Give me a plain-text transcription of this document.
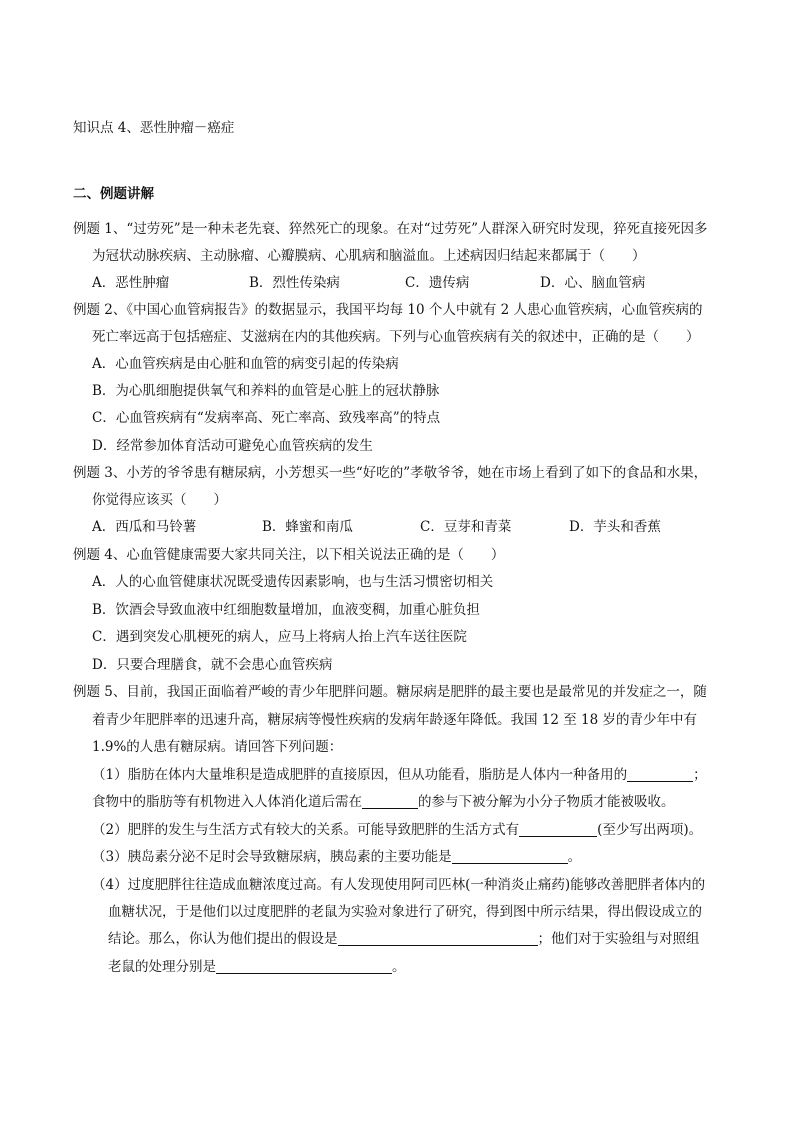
知识点 4、恶性肿瘤－癌症
二、例题讲解
例题 1、“过劳死”是一种未老先衰、猝然死亡的现象。在对“过劳死”人群深入研究时发现，猝死直接死因多
为冠状动脉疾病、主动脉瘤、心瓣膜病、心肌病和脑溢血。上述病因归结起来都属于（　　）
A．恶性肿瘤	B．烈性传染病	C．遗传病	D．心、脑血管病
例题 2、《中国心血管病报告》的数据显示，我国平均每 10 个人中就有 2 人患心血管疾病，心血管疾病的
死亡率远高于包括癌症、艾滋病在内的其他疾病。下列与心血管疾病有关的叙述中，正确的是（　　）
A．心血管疾病是由心脏和血管的病变引起的传染病
B．为心肌细胞提供氧气和养料的血管是心脏上的冠状静脉
C．心血管疾病有“发病率高、死亡率高、致残率高”的特点
D．经常参加体育活动可避免心血管疾病的发生
例题 3、小芳的爷爷患有糖尿病，小芳想买一些“好吃的”孝敬爷爷，她在市场上看到了如下的食品和水果，
你觉得应该买（　　）
A．西瓜和马铃薯	B．蜂蜜和南瓜	C．豆芽和青菜	D．芋头和香蕉
例题 4、心血管健康需要大家共同关注，以下相关说法正确的是（　　）
A．人的心血管健康状况既受遗传因素影响，也与生活习惯密切相关
B．饮酒会导致血液中红细胞数量增加，血液变稠，加重心脏负担
C．遇到突发心肌梗死的病人，应马上将病人抬上汽车送往医院
D．只要合理膳食，就不会患心血管疾病
例题 5、目前，我国正面临着严峻的青少年肥胖问题。糖尿病是肥胖的最主要也是最常见的并发症之一，随
着青少年肥胖率的迅速升高，糖尿病等慢性疾病的发病年龄逐年降低。我国 12 至 18 岁的青少年中有
1.9%的人患有糖尿病。请回答下列问题：
（1）脂肪在体内大量堆积是造成肥胖的直接原因，但从功能看，脂肪是人体内一种备用的	；
食物中的脂肪等有机物进入人体消化道后需在	的参与下被分解为小分子物质才能被吸收。
（2）肥胖的发生与生活方式有较大的关系。可能导致肥胖的生活方式有	(至少写出两项)。
（3）胰岛素分泌不足时会导致糖尿病，胰岛素的主要功能是	。
（4）过度肥胖往往造成血糖浓度过高。有人发现使用阿司匹林(一种消炎止痛药)能够改善肥胖者体内的
血糖状况，于是他们以过度肥胖的老鼠为实验对象进行了研究，得到图中所示结果，得出假设成立的
结论。那么，你认为他们提出的假设是	；他们对于实验组与对照组
老鼠的处理分别是	。
